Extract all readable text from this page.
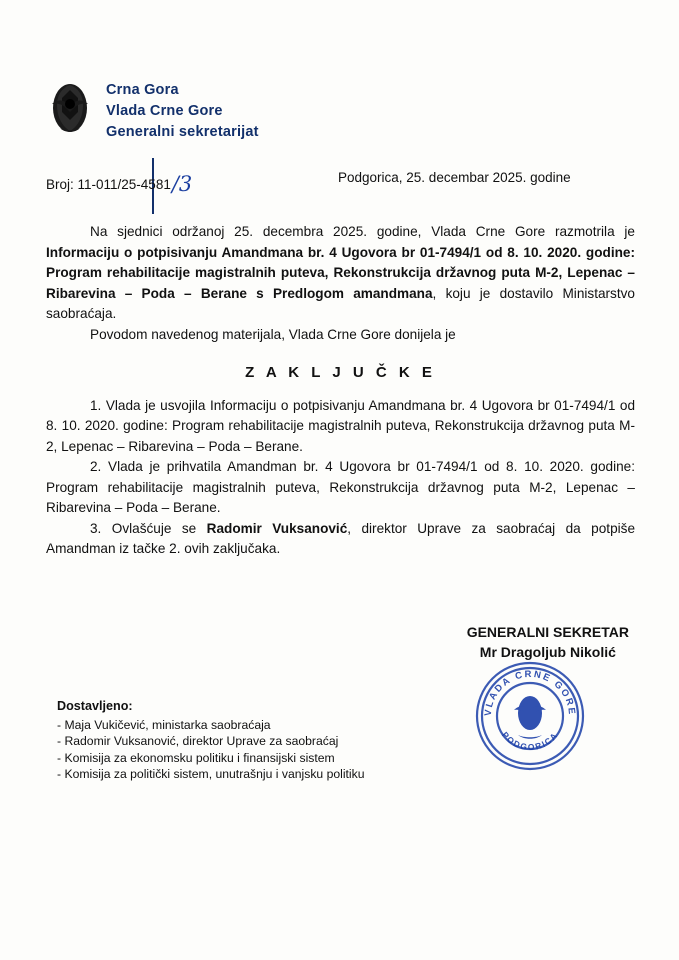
Crna Gora
Vlada Crne Gore
Generalni sekretarijat
Broj: 11-011/25-4581/3	Podgorica, 25. decembar 2025. godine

Na sjednici održanoj 25. decembra 2025. godine, Vlada Crne Gore razmotrila je Informaciju o potpisivanju Amandmana br. 4 Ugovora br 01-7494/1 od 8. 10. 2020. godine: Program rehabilitacije magistralnih puteva, Rekonstrukcija državnog puta M-2, Lepenac – Ribarevina – Poda – Berane s Predlogom amandmana, koju je dostavilo Ministarstvo saobraćaja.

Povodom navedenog materijala, Vlada Crne Gore donijela je

Z A K L J U Č K E

1. Vlada je usvojila Informaciju o potpisivanju Amandmana br. 4 Ugovora br 01-7494/1 od 8. 10. 2020. godine: Program rehabilitacije magistralnih puteva, Rekonstrukcija državnog puta M-2, Lepenac – Ribarevina – Poda – Berane.

2. Vlada je prihvatila Amandman br. 4 Ugovora br 01-7494/1 od 8. 10. 2020. godine: Program rehabilitacije magistralnih puteva, Rekonstrukcija državnog puta M-2, Lepenac – Ribarevina – Poda – Berane.

3. Ovlašćuje se Radomir Vuksanović, direktor Uprave za saobraćaj da potpiše Amandman iz tačke 2. ovih zaključaka.

GENERALNI SEKRETAR
Mr Dragoljub Nikolić
VLADA CRNE GORE
PODGORICA
Dostavljeno:
- Maja Vukičević, ministarka saobraćaja
- Radomir Vuksanović, direktor Uprave za saobraćaj
- Komisija za ekonomsku politiku i finansijski sistem
- Komisija za politički sistem, unutrašnju i vanjsku politiku
